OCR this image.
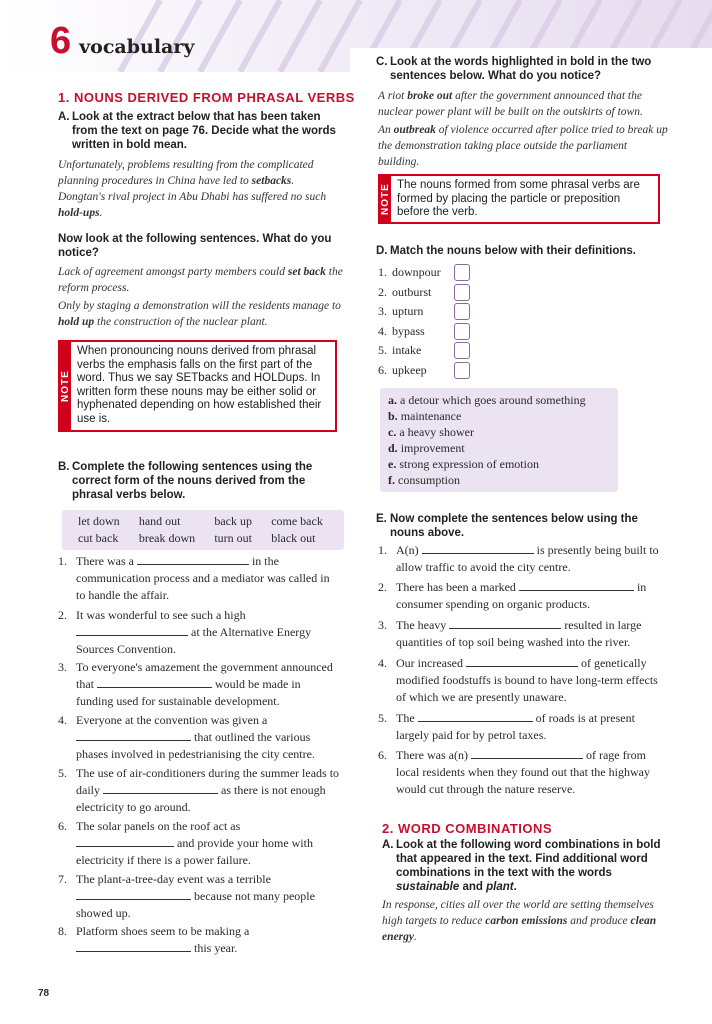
6 vocabulary
1. NOUNS DERIVED FROM PHRASAL VERBS
A. Look at the extract below that has been taken from the text on page 76. Decide what the words written in bold mean.
Unfortunately, problems resulting from the complicated planning procedures in China have led to setbacks. Dongtan's rival project in Abu Dhabi has suffered no such hold-ups.
Now look at the following sentences. What do you notice?
Lack of agreement amongst party members could set back the reform process.
Only by staging a demonstration will the residents manage to hold up the construction of the nuclear plant.
NOTE
When pronouncing nouns derived from phrasal verbs the emphasis falls on the first part of the word. Thus we say SETbacks and HOLDups. In written form these nouns may be either solid or hyphenated depending on how established their use is.
B. Complete the following sentences using the correct form of the nouns derived from the phrasal verbs below.
let down	hand out	back up	come back
cut back	break down	turn out	black out
1. There was a	in the communication process and a mediator was called in to handle the affair.
2. It was wonderful to see such a high
at the Alternative Energy Sources Convention.
3. To everyone's amazement the government announced that	would be made in funding used for sustainable development.
4. Everyone at the convention was given a
that outlined the various phases involved in pedestrianising the city centre.
5. The use of air-conditioners during the summer leads to daily	as there is not enough electricity to go around.
6. The solar panels on the roof act as  and provide your home with electricity if there is a power failure.
7. The plant-a-tree-day event was a terrible
because not many people showed up.
8. Platform shoes seem to be making a
this year.
C. Look at the words highlighted in bold in the two sentences below. What do you notice?
A riot broke out after the government announced that the nuclear power plant will be built on the outskirts of town.
An outbreak of violence occurred after police tried to break up the demonstration taking place outside the parliament building.
NOTE The nouns formed from some phrasal verbs are formed by placing the particle or preposition before the verb.
D. Match the nouns below with their definitions.
1. downpour
2. outburst
3. upturn
4. bypass
5. intake
6. upkeep
a. a detour which goes around something
b. maintenance
c. a heavy shower
d. improvement
e. strong expression of emotion
f. consumption
E. Now complete the sentences below using the nouns above.
1. A(n)	is presently being built to allow traffic to avoid the city centre.
2. There has been a marked	in consumer spending on organic products.
3. The heavy	resulted in large quantities of top soil being washed into the river.
4. Our increased	of genetically modified foodstuffs is bound to have long-term effects of which we are presently unaware.
5. The	of roads is at present largely paid for by petrol taxes.
6. There was a(n)	of rage from local residents when they found out that the highway would cut through the nature reserve.
2. WORD COMBINATIONS
A. Look at the following word combinations in bold that appeared in the text. Find additional word combinations in the text with the words sustainable and plant.
In response, cities all over the world are setting themselves high targets to reduce carbon emissions and produce clean energy.
78
